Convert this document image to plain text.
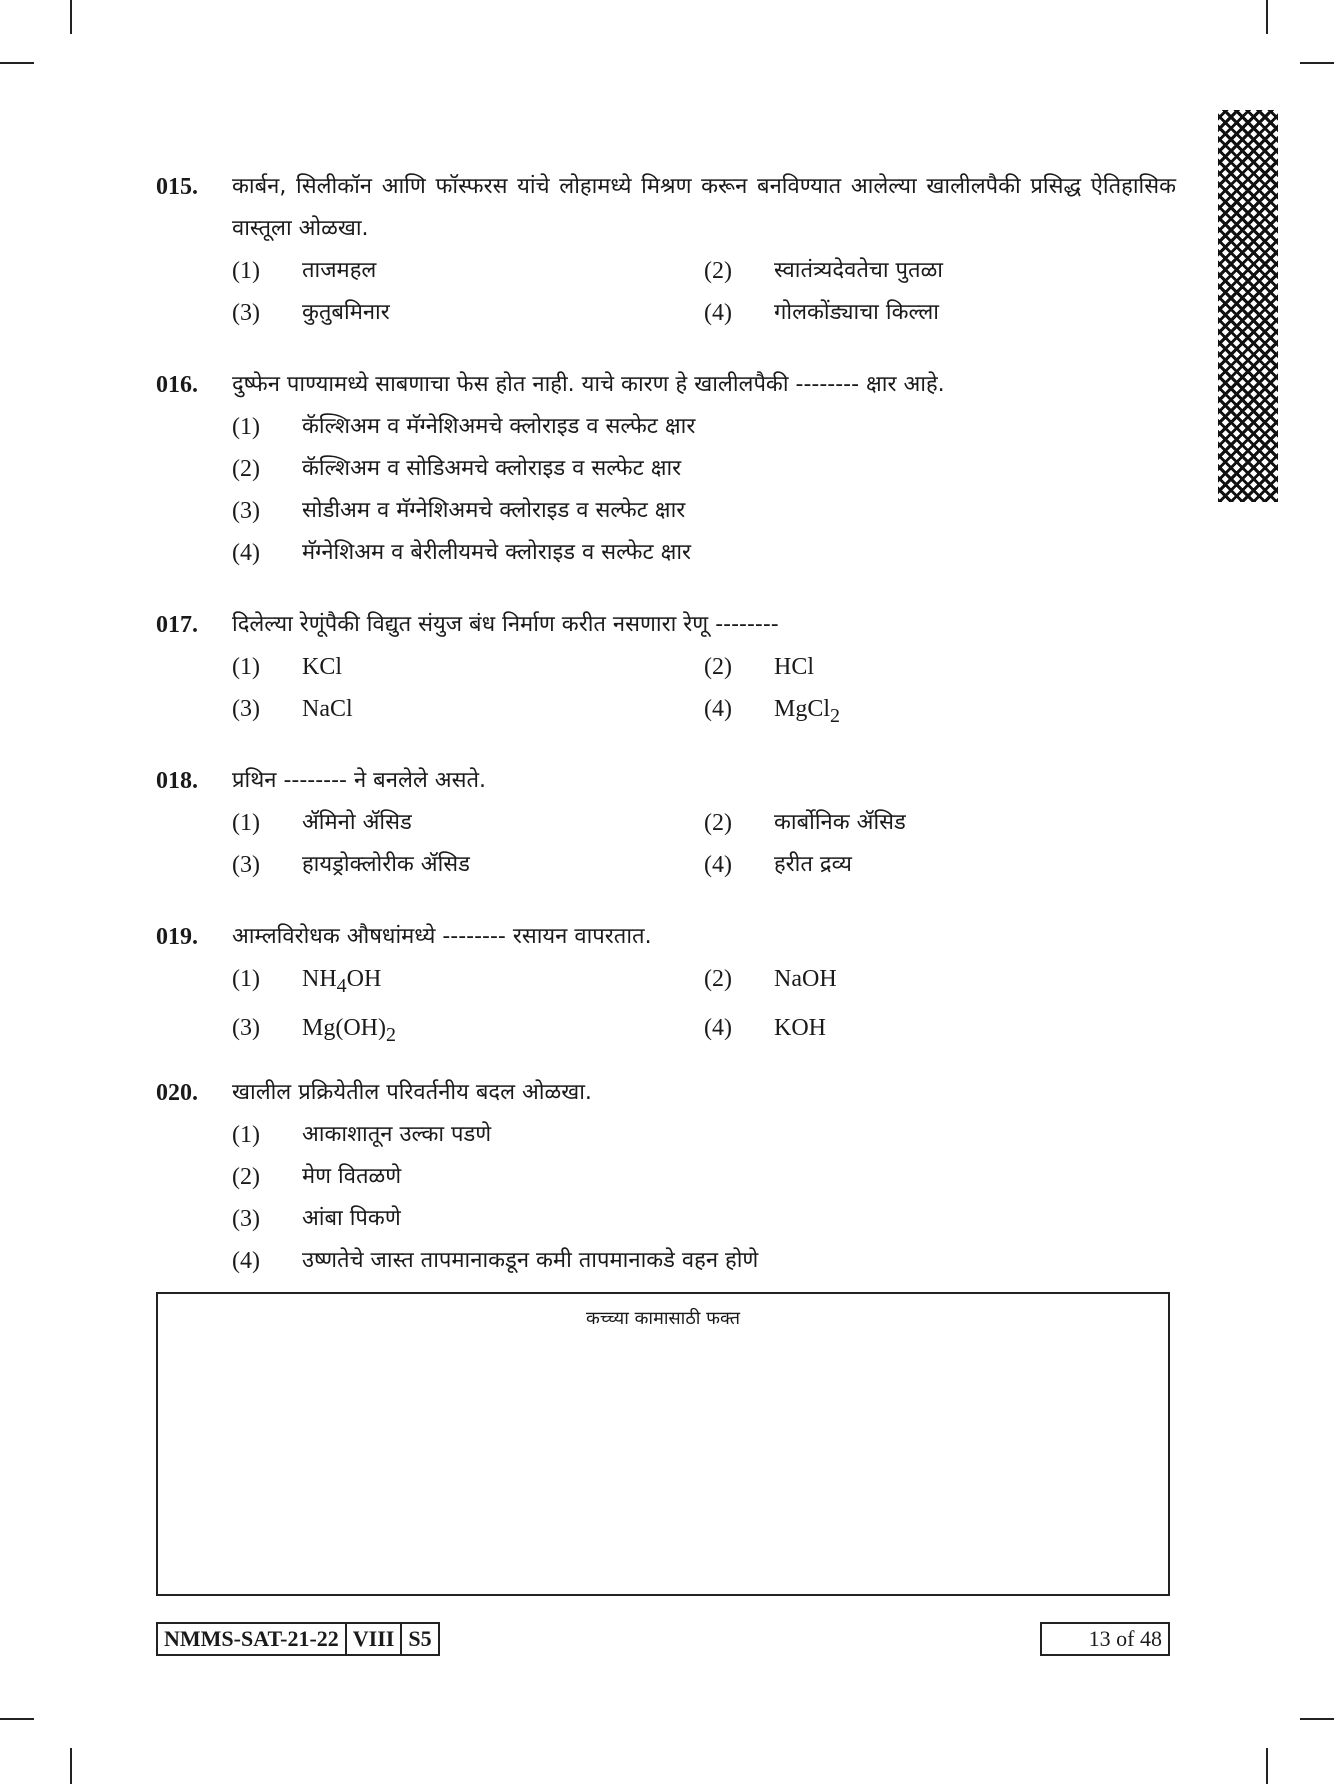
015. कार्बन, सिलीकॉन आणि फॉस्फरस यांचे लोहामध्ये मिश्रण करून बनविण्यात आलेल्या खालीलपैकी प्रसिद्ध ऐतिहासिक वास्तूला ओळखा.
(1)	ताजमहल	(2)	स्वातंत्र्यदेवतेचा पुतळा
(3)	कुतुबमिनार	(4)	गोलकोंड्याचा किल्ला
016. दुष्फेन पाण्यामध्ये साबणाचा फेस होत नाही. याचे कारण हे खालीलपैकी -------- क्षार आहे.
(1)	कॅल्शिअम व मॅग्नेशिअमचे क्लोराइड व सल्फेट क्षार
(2)	कॅल्शिअम व सोडिअमचे क्लोराइड व सल्फेट क्षार
(3)	सोडीअम व मॅग्नेशिअमचे क्लोराइड व सल्फेट क्षार
(4)	मॅग्नेशिअम व बेरीलीयमचे क्लोराइड व सल्फेट क्षार
017. दिलेल्या रेणूंपैकी विद्युत संयुज बंध निर्माण करीत नसणारा रेणू --------
(1)	KCl	(2)	HCl
(3)	NaCl	(4)	MgCl$_2$
018. प्रथिन -------- ने बनलेले असते.
(1)	ॲमिनो ॲसिड	(2)	कार्बोनिक ॲसिड
(3)	हायड्रोक्लोरीक ॲसिड	(4)	हरीत द्रव्य
019. आम्लविरोधक औषधांमध्ये -------- रसायन वापरतात.
(1)	$NH_4OH$	(2)	NaOH
(3)	$Mg(OH)_2$	(4)	KOH
020. खालील प्रक्रियेतील परिवर्तनीय बदल ओळखा.
(1)	आकाशातून उल्का पडणे
(2)	मेण वितळणे
(3)	आंबा पिकणे
(4)	उष्णतेचे जास्त तापमानाकडून कमी तापमानाकडे वहन होणे
कच्च्या कामासाठी फक्त
NMMS-SAT-21-22 VIII S5	13 of 48
